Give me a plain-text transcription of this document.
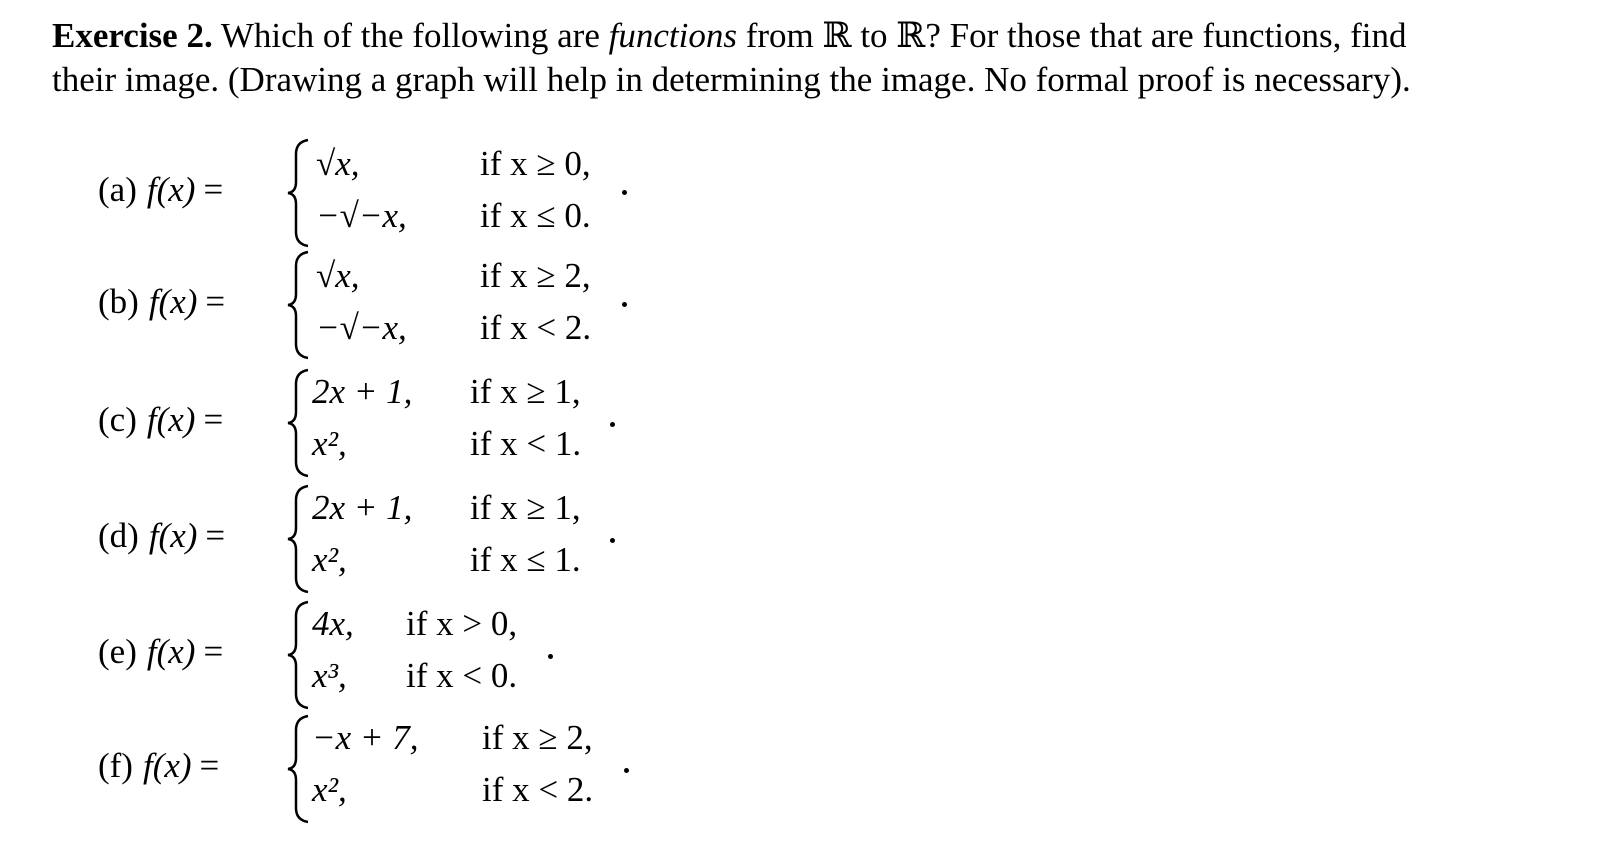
Exercise 2. Which of the following are functions from ℝ to ℝ? For those that are functions, find
their image. (Drawing a graph will help in determining the image. No formal proof is necessary).
(a) f(x) =
√x,	if x ≥ 0,
−√−x, if x ≤ 0.
(b) f(x) =
√x,	if x ≥ 2,
−√−x, if x < 2.
(c) f(x) =
2x + 1, if x ≥ 1,
x²,	if x < 1.
(d) f(x) =
2x + 1, if x ≥ 1,
x²,	if x ≤ 1.
(e) f(x) =
4x, if x > 0,
x³, if x < 0.
(f) f(x) =
−x + 7, if x ≥ 2,
x²,	if x < 2.
